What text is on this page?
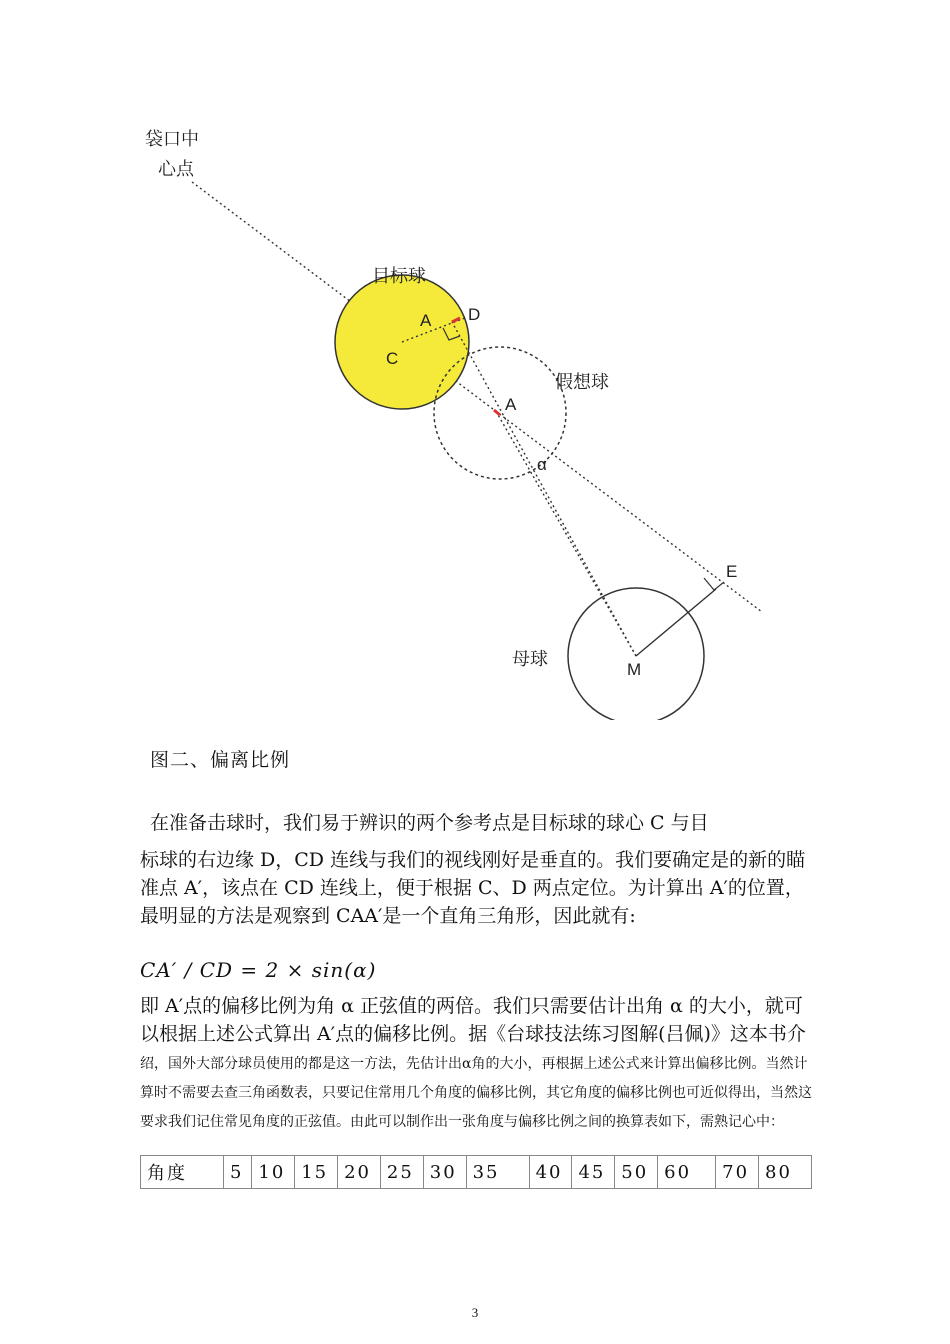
袋口中
心点
目标球
假想球
母球
A D
C
A
α
E
M
图二、偏离比例

在准备击球时，我们易于辨识的两个参考点是目标球的球心 C 与目

标球的右边缘 D，CD 连线与我们的视线刚好是垂直的。我们要确定是的新的瞄准点 A′，该点在 CD 连线上，便于根据 C、D 两点定位。为计算出 A′的位置，最明显的方法是观察到 CAA′是一个直角三角形，因此就有:

CA′ / CD = 2 × sin(α)

即 A′点的偏移比例为角 α 正弦值的两倍。我们只需要估计出角 α 的大小，就可以根据上述公式算出 A′点的偏移比例。据《台球技法练习图解(吕佩)》这本书介绍，国外大部分球员使用的都是这一方法，先估计出α角的大小，再根据上述公式来计算出偏移比例。当然计算时不需要去查三角函数表，只要记住常用几个角度的偏移比例，其它角度的偏移比例也可近似得出，当然这要求我们记住常见角度的正弦值。由此可以制作出一张角度与偏移比例之间的换算表如下，需熟记心中：

角度	5	10	15	20	25	30	35	40	45	50	60	70	80
3
